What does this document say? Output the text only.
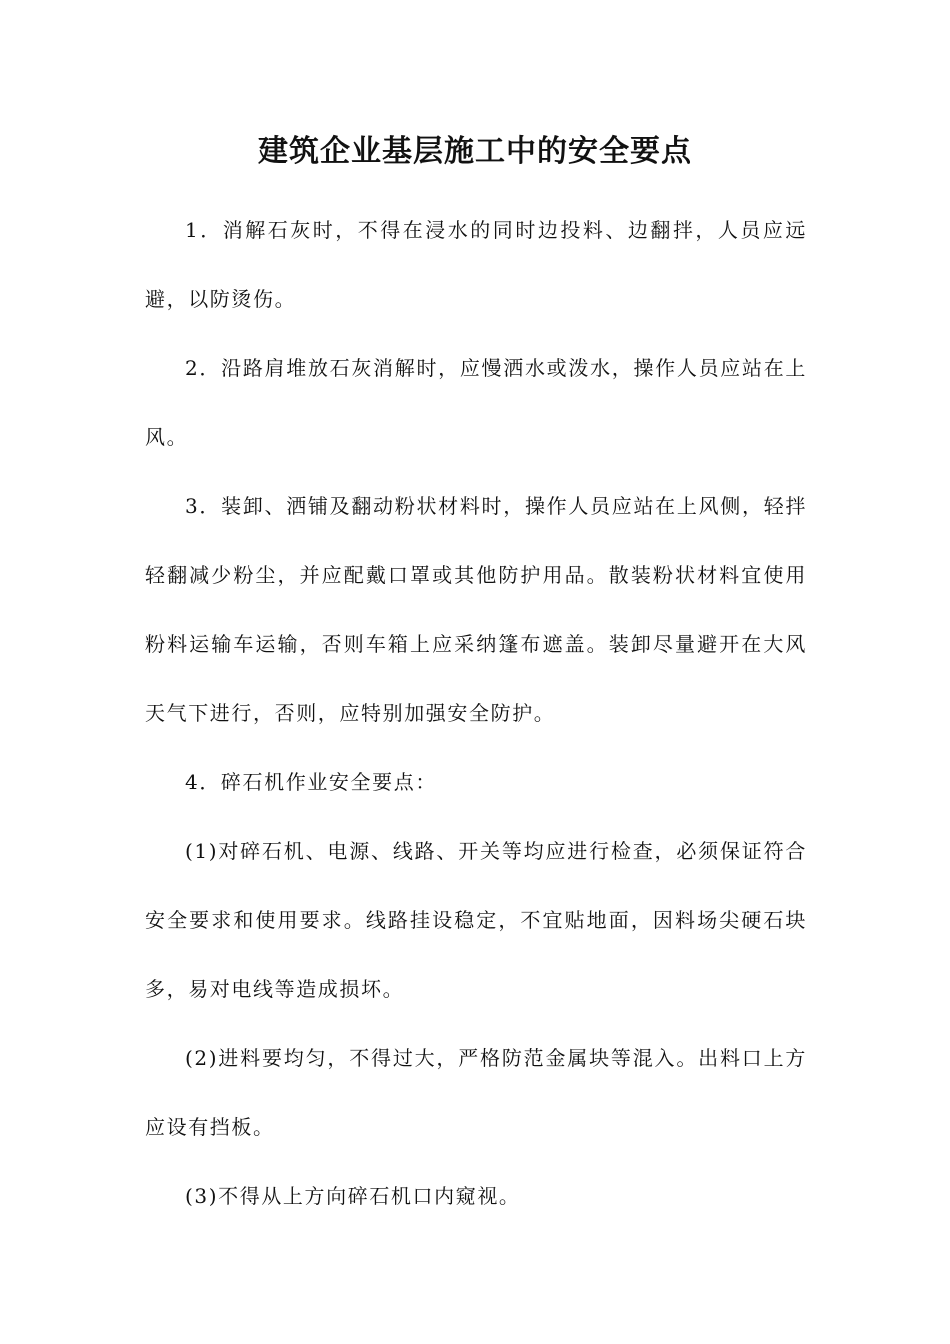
建筑企业基层施工中的安全要点

1．消解石灰时，不得在浸水的同时边投料、边翻拌，人员应远避，以防烫伤。

2．沿路肩堆放石灰消解时，应慢洒水或泼水，操作人员应站在上风。

3．装卸、洒铺及翻动粉状材料时，操作人员应站在上风侧，轻拌轻翻减少粉尘，并应配戴口罩或其他防护用品。散装粉状材料宜使用粉料运输车运输，否则车箱上应采纳篷布遮盖。装卸尽量避开在大风天气下进行，否则，应特别加强安全防护。

4．碎石机作业安全要点：

(1)对碎石机、电源、线路、开关等均应进行检查，必须保证符合安全要求和使用要求。线路挂设稳定，不宜贴地面，因料场尖硬石块多，易对电线等造成损坏。

(2)进料要均匀，不得过大，严格防范金属块等混入。出料口上方应设有挡板。

(3)不得从上方向碎石机口内窥视。
